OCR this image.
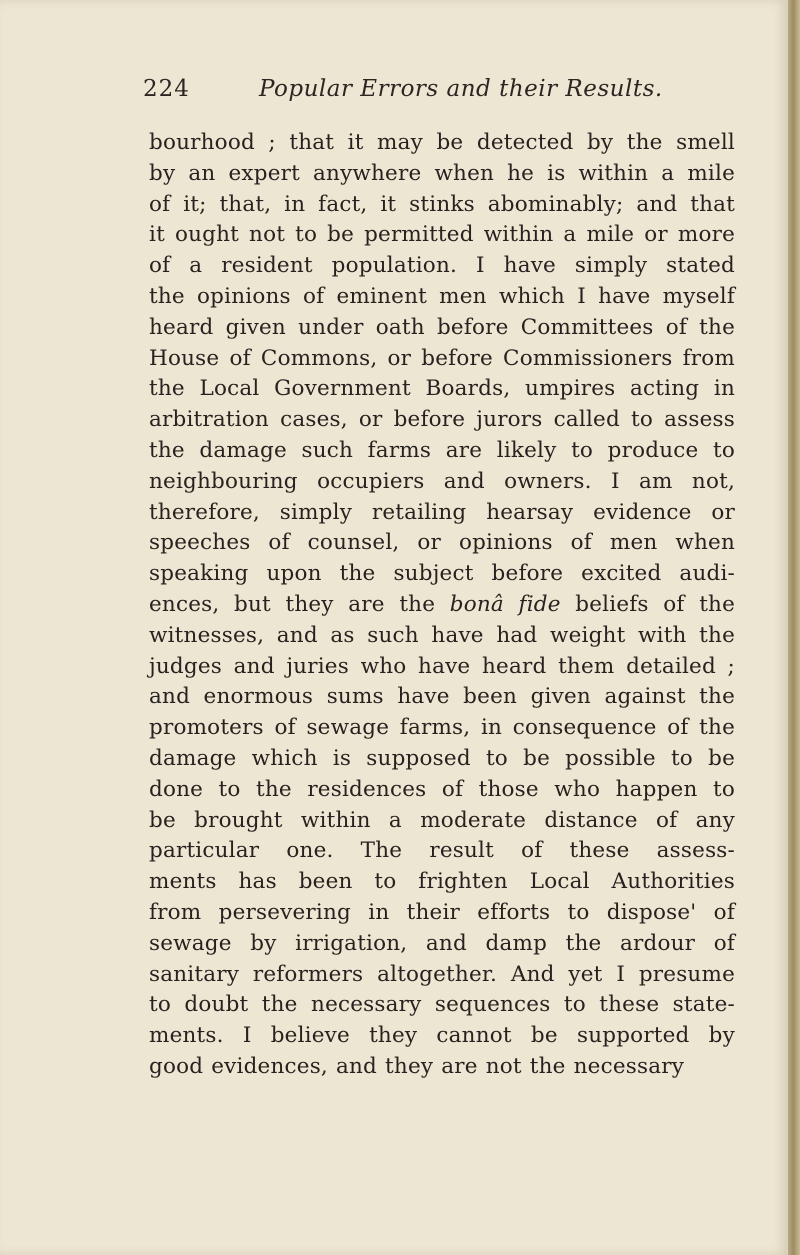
224	Popular Errors and their Results.
bourhood ; that it may be detected by the smell
by an expert anywhere when he is within a mile
of it; that, in fact, it stinks abominably; and that
it ought not to be permitted within a mile or more
of a resident population. I have simply stated
the opinions of eminent men which I have myself
heard given under oath before Committees of the
House of Commons, or before Commissioners from
the Local Government Boards, umpires acting in
arbitration cases, or before jurors called to assess
the damage such farms are likely to produce to
neighbouring occupiers and owners. I am not,
therefore, simply retailing hearsay evidence or
speeches of counsel, or opinions of men when
speaking upon the subject before excited audi-
ences, but they are the bonâ fide beliefs of the
witnesses, and as such have had weight with the
judges and juries who have heard them detailed ;
and enormous sums have been given against the
promoters of sewage farms, in consequence of the
damage which is supposed to be possible to be
done to the residences of those who happen to
be brought within a moderate distance of any
particular one. The result of these assess-
ments has been to frighten Local Authorities
from persevering in their efforts to dispose' of
sewage by irrigation, and damp the ardour of
sanitary reformers altogether. And yet I presume
to doubt the necessary sequences to these state-
ments. I believe they cannot be supported by
good evidences, and they are not the necessary
